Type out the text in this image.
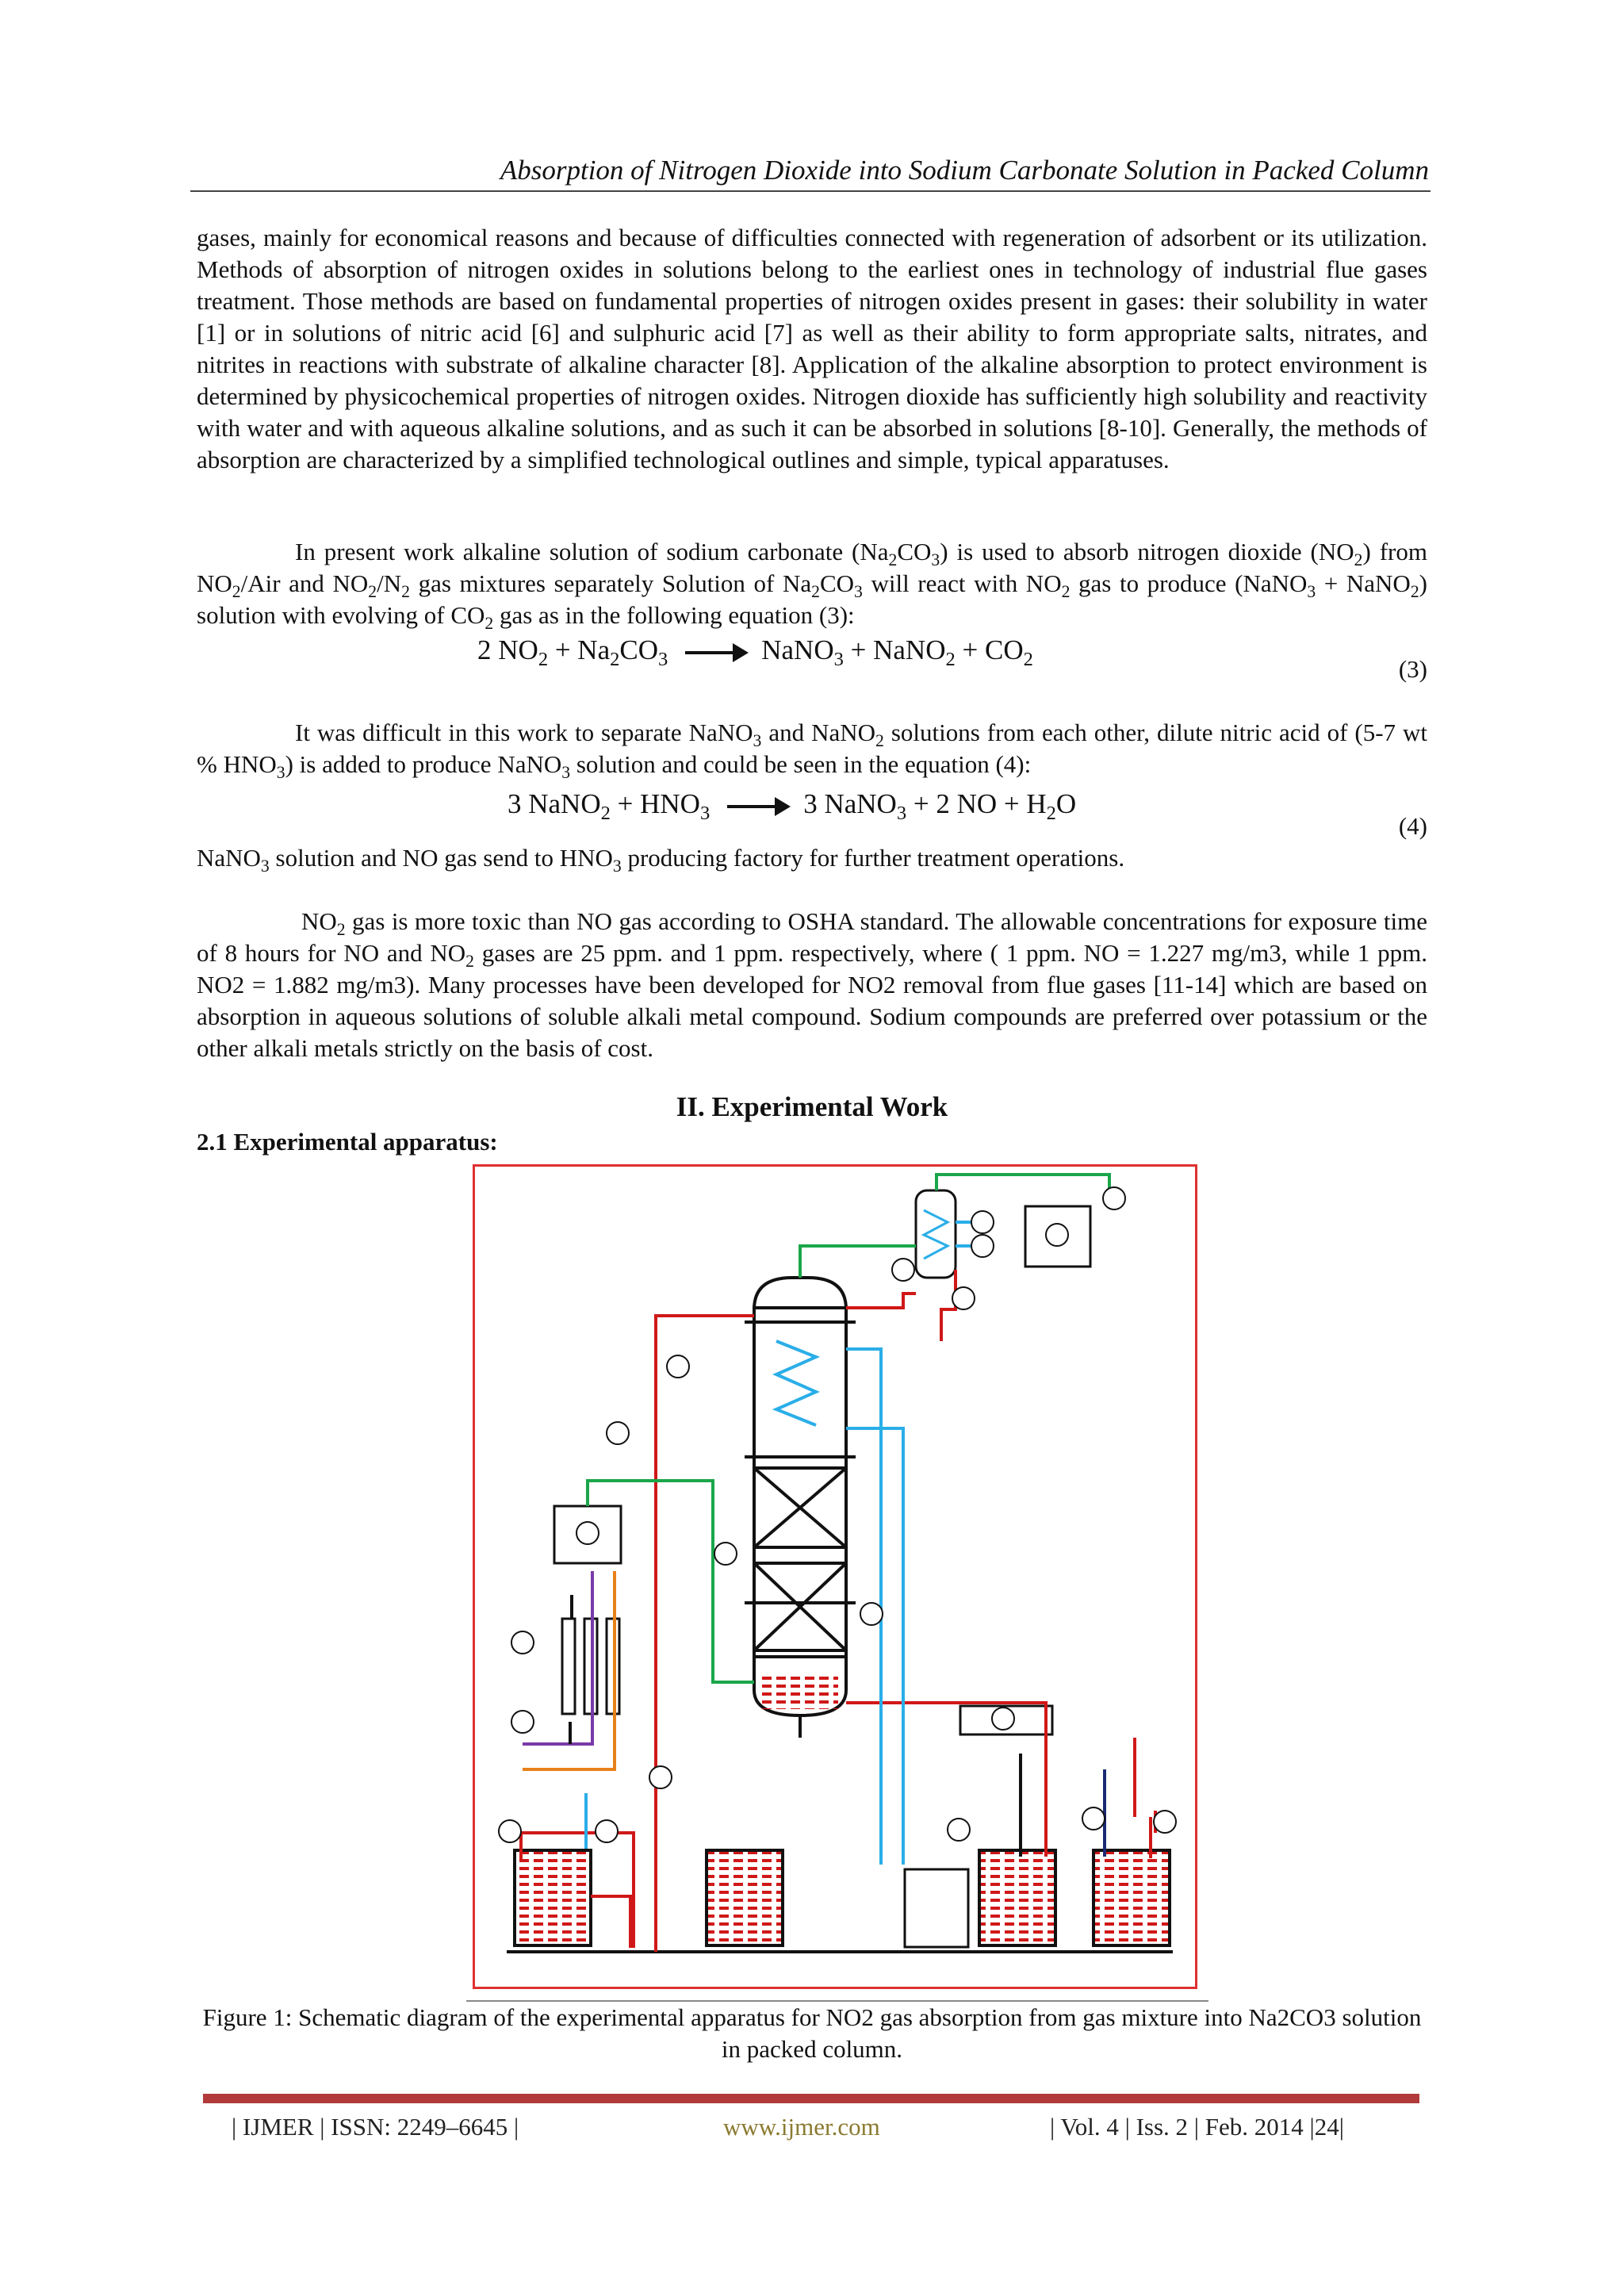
Absorption of Nitrogen Dioxide into Sodium Carbonate Solution in Packed Column

gases, mainly for economical reasons and because of difficulties connected with regeneration of adsorbent or its utilization. Methods of absorption of nitrogen oxides in solutions belong to the earliest ones in technology of industrial flue gases treatment. Those methods are based on fundamental properties of nitrogen oxides present in gases: their solubility in water [1] or in solutions of nitric acid [6] and sulphuric acid [7] as well as their ability to form appropriate salts, nitrates, and nitrites in reactions with substrate of alkaline character [8]. Application of the alkaline absorption to protect environment is determined by physicochemical properties of nitrogen oxides. Nitrogen dioxide has sufficiently high solubility and reactivity with water and with aqueous alkaline solutions, and as such it can be absorbed in solutions [8-10]. Generally, the methods of absorption are characterized by a simplified technological outlines and simple, typical apparatuses.

In present work alkaline solution of sodium carbonate $(Na_2CO_3)$ is used to absorb nitrogen dioxide $(NO_2)$ from $NO_2$/Air and $NO_2/N_2$ gas mixtures separately Solution of $Na_2CO_3$ will react with $NO_2$ gas to produce (NaNO$_3$ + NaNO$_2$) solution with evolving of $CO_2$ gas as in the following equation (3):

2 $NO_2 + Na_2CO_3$ → NaNO$_3$ + NaNO$_2$ + $CO_2$	(3)

It was difficult in this work to separate NaNO$_3$ and NaNO$_2$ solutions from each other, dilute nitric acid of (5-7 wt % $HNO_3$) is added to produce NaNO$_3$ solution and could be seen in the equation (4):

3 NaNO$_2$ + $HNO_3 \to 3$ NaNO$_3$ + 2 NO + $H_2O$
(4)

NaNO$_3$ solution and NO gas send to $HNO_3$ producing factory for further treatment operations.

$NO_2$ gas is more toxic than NO gas according to OSHA standard. The allowable concentrations for exposure time of 8 hours for NO and $NO_2$ gases are 25 ppm. and 1 ppm. respectively, where ( 1 ppm. NO = 1.227 mg/m3, while 1 ppm. NO2 = 1.882 mg/m3). Many processes have been developed for NO2 removal from flue gases [11-14] which are based on absorption in aqueous solutions of soluble alkali metal compound. Sodium compounds are preferred over potassium or the other alkali metals strictly on the basis of cost.

II. Experimental Work
2.1 Experimental apparatus:
Figure 1: Schematic diagram of the experimental apparatus for NO2 gas absorption from gas mixture into Na2CO3 solution in packed column.
| IJMER | ISSN: 2249–6645 |	www.ijmer.com	| Vol. 4 | Iss. 2 | Feb. 2014 |24|
